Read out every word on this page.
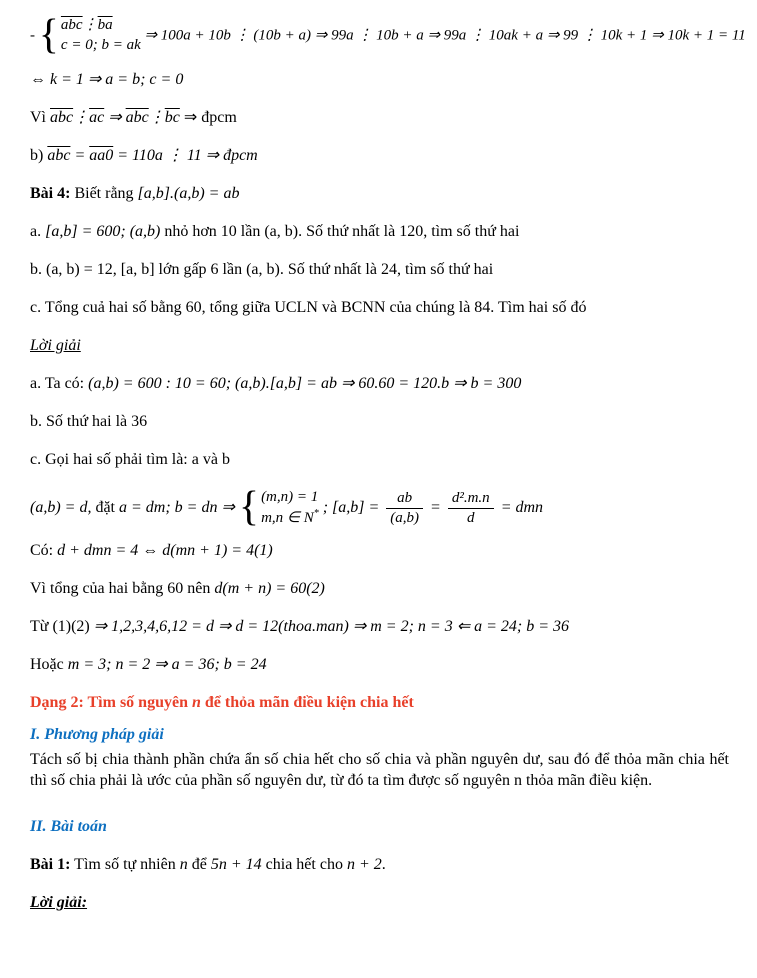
- { $\overline{abc}⋮\overline{ba}$
c = 0; b = ak
⇒ 100a + 10b ⋮ (10b + a) ⇒ 99a ⋮ 10b + a ⇒ 99a ⋮ 10ak + a ⇒ 99 ⋮ 10k + 1 ⇒ 10k + 1 = 11

⇔ k = 1 ⇒ a = b; c = 0

Vì $\overline{abc}⋮\overline{ac}$ ⇒ $\overline{abc}⋮\overline{bc}$ ⇒ đpcm

b) $\overline{abc} = aa0 = 110a$ ⋮ 11 ⇒ đpcm

Bài 4: Biết rằng [a,b].(a,b) = ab

a. [a,b] = 600; (a,b) nhỏ hơn 10 lần (a, b). Số thứ nhất là 120, tìm số thứ hai

b. (a, b) = 12, [a, b] lớn gấp 6 lần (a, b). Số thứ nhất là 24, tìm số thứ hai

c. Tổng cuả hai số bằng 60, tổng giữa UCLN và BCNN của chúng là 84. Tìm hai số đó

Lời giải

a. Ta có: (a,b) = 600 : 10 = 60; (a,b).[a,b] = ab ⇒ 60.60 = 120.b ⇒ b = 300

b. Số thứ hai là 36

c. Gọi hai số phải tìm là: a và b

(a,b) = d, đặt a = dm; b = dn ⇒ { (m,n) = 1
m,n ∈ N* ; $[a,b] = \frac{ab}{(a,b)} = \frac{\text{d².m.n}}{d}$ = dmn

Có: d + dmn = 4 ⇔ d(mn + 1) = 4(1)

Vì tổng của hai bằng 60 nên d(m + n) = 60(2)

Từ (1)(2) ⇒ 1,2,3,4,6,12 = d ⇒ d = 12(thoa.man) ⇒ m = 2; n = 3 ⇐ a = 24; b = 36

Hoặc m = 3; n = 2 ⇒ a = 36; b = 24

Dạng 2: Tìm số nguyên n để thỏa mãn điều kiện chia hết

I. Phương pháp giải

Tách số bị chia thành phần chứa ẩn số chia hết cho số chia và phần nguyên dư, sau đó để thỏa mãn chia hết thì số chia phải là ước của phần số nguyên dư, từ đó ta tìm được số nguyên n thỏa mãn điều kiện.

II. Bài toán

Bài 1: Tìm số tự nhiên n để 5n + 14 chia hết cho n + 2.

Lời giải:
